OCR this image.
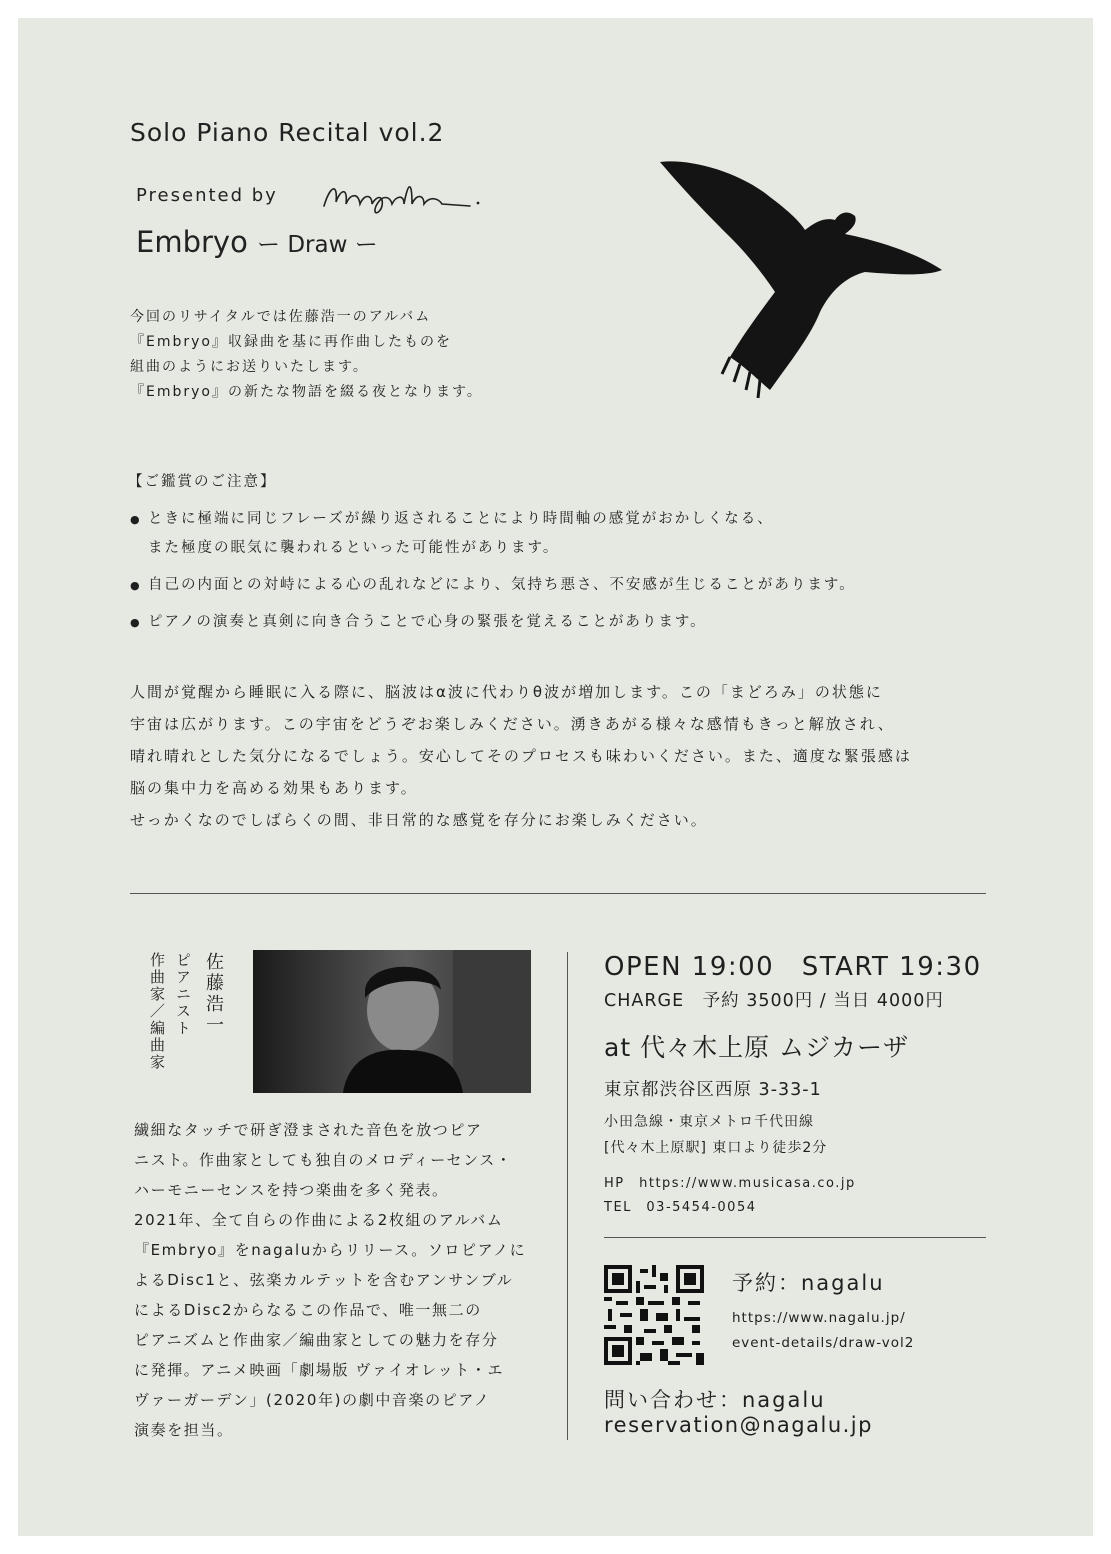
Solo Piano Recital vol.2
Presented by
Embryo ー Draw ー
今回のリサイタルでは佐藤浩一のアルバム
『Embryo』収録曲を基に再作曲したものを
組曲のようにお送りいたします。
『Embryo』の新たな物語を綴る夜となります。
【ご鑑賞のご注意】
● ときに極端に同じフレーズが繰り返されることにより時間軸の感覚がおかしくなる、
また極度の眠気に襲われるといった可能性があります。
● 自己の内面との対峙による心の乱れなどにより、気持ち悪さ、不安感が生じることがあります。
● ピアノの演奏と真剣に向き合うことで心身の緊張を覚えることがあります。
人間が覚醒から睡眠に入る際に、脳波はα波に代わりθ波が増加します。この「まどろみ」の状態に
宇宙は広がります。この宇宙をどうぞお楽しみください。湧きあがる様々な感情もきっと解放され、
晴れ晴れとした気分になるでしょう。安心してそのプロセスも味わいください。また、適度な緊張感は
脳の集中力を高める効果もあります。
せっかくなのでしばらくの間、非日常的な感覚を存分にお楽しみください。
佐藤浩一
ピアニスト
作曲家／編曲家
繊細なタッチで研ぎ澄まされた音色を放つピア
ニスト。作曲家としても独自のメロディーセンス・
ハーモニーセンスを持つ楽曲を多く発表。
2021年、全て自らの作曲による2枚組のアルバム
『Embryo』をnagaluからリリース。ソロピアノに
よるDisc1と、弦楽カルテットを含むアンサンブル
によるDisc2からなるこの作品で、唯一無二の
ピアニズムと作曲家／編曲家としての魅力を存分
に発揮。アニメ映画「劇場版 ヴァイオレット・エ
ヴァーガーデン」(2020年)の劇中音楽のピアノ
演奏を担当。
OPEN 19:00　START 19:30
CHARGE　予約 3500円 / 当日 4000円
at 代々木上原 ムジカーザ
東京都渋谷区西原 3-33-1
小田急線・東京メトロ千代田線
[代々木上原駅] 東口より徒歩2分
HP　https://www.musicasa.co.jp
TEL　03-5454-0054
予約：nagalu
https://www.nagalu.jp/
event-details/draw-vol2
問い合わせ：nagalu
reservation@nagalu.jp
